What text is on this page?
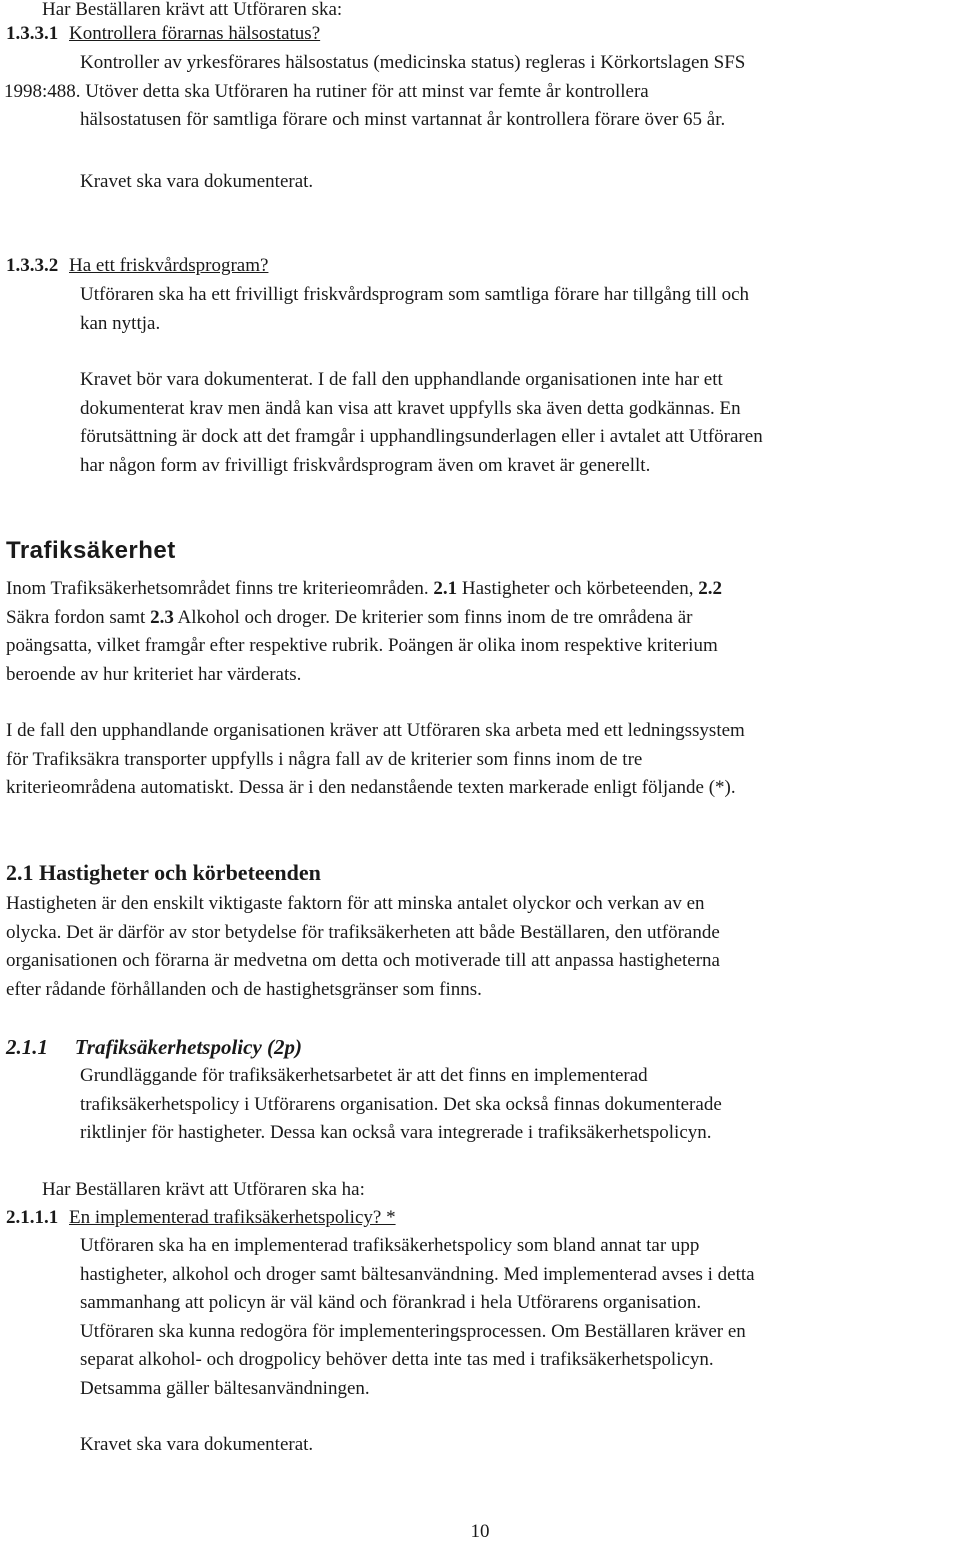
Har Beställaren krävt att Utföraren ska:

1.3.3.1 Kontrollera förarnas hälsostatus?
Kontroller av yrkesförares hälsostatus (medicinska status) regleras i Körkortslagen SFS
1998:488. Utöver detta ska Utföraren ha rutiner för att minst var femte år kontrollera
hälsostatusen för samtliga förare och minst vartannat år kontrollera förare över 65 år.

Kravet ska vara dokumenterat.

1.3.3.2 Ha ett friskvårdsprogram?
Utföraren ska ha ett frivilligt friskvårdsprogram som samtliga förare har tillgång till och
kan nyttja.
Kravet bör vara dokumenterat. I de fall den upphandlande organisationen inte har ett
dokumenterat krav men ändå kan visa att kravet uppfylls ska även detta godkännas. En
förutsättning är dock att det framgår i upphandlingsunderlagen eller i avtalet att Utföraren
har någon form av frivilligt friskvårdsprogram även om kravet är generellt.
Trafiksäkerhet
Inom Trafiksäkerhetsområdet finns tre kriterieområden. 2.1 Hastigheter och körbeteenden, 2.2
Säkra fordon samt 2.3 Alkohol och droger. De kriterier som finns inom de tre områdena är
poängsatta, vilket framgår efter respektive rubrik. Poängen är olika inom respektive kriterium
beroende av hur kriteriet har värderats.
I de fall den upphandlande organisationen kräver att Utföraren ska arbeta med ett ledningssystem
för Trafiksäkra transporter uppfylls i några fall av de kriterier som finns inom de tre
kriterieområdena automatiskt. Dessa är i den nedanstående texten markerade enligt följande (*).
2.1 Hastigheter och körbeteenden
Hastigheten är den enskilt viktigaste faktorn för att minska antalet olyckor och verkan av en
olycka. Det är därför av stor betydelse för trafiksäkerheten att både Beställaren, den utförande
organisationen och förarna är medvetna om detta och motiverade till att anpassa hastigheterna
efter rådande förhållanden och de hastighetsgränser som finns.
2.1.1 Trafiksäkerhetspolicy (2p)
Grundläggande för trafiksäkerhetsarbetet är att det finns en implementerad
trafiksäkerhetspolicy i Utförarens organisation. Det ska också finnas dokumenterade
riktlinjer för hastigheter. Dessa kan också vara integrerade i trafiksäkerhetspolicyn.

Har Beställaren krävt att Utföraren ska ha:

2.1.1.1 En implementerad trafiksäkerhetspolicy? *
Utföraren ska ha en implementerad trafiksäkerhetspolicy som bland annat tar upp
hastigheter, alkohol och droger samt bältesanvändning. Med implementerad avses i detta
sammanhang att policyn är väl känd och förankrad i hela Utförarens organisation.
Utföraren ska kunna redogöra för implementeringsprocessen. Om Beställaren kräver en
separat alkohol- och drogpolicy behöver detta inte tas med i trafiksäkerhetspolicyn.
Detsamma gäller bältesanvändningen.

Kravet ska vara dokumenterat.

10
